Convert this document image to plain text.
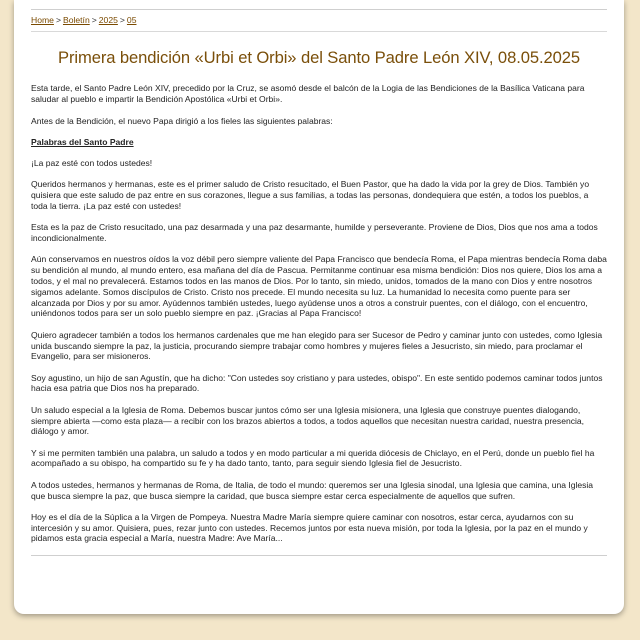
Home > Boletín > 2025 > 05
Primera bendición «Urbi et Orbi» del Santo Padre León XIV, 08.05.2025

Esta tarde, el Santo Padre León XIV, precedido por la Cruz, se asomó desde el balcón de la Logia de las Bendiciones de la Basílica Vaticana para saludar al pueblo e impartir la Bendición Apostólica «Urbi et Orbi».

Antes de la Bendición, el nuevo Papa dirigió a los fieles las siguientes palabras:

Palabras del Santo Padre

¡La paz esté con todos ustedes!

Queridos hermanos y hermanas, este es el primer saludo de Cristo resucitado, el Buen Pastor, que ha dado la vida por la grey de Dios. También yo quisiera que este saludo de paz entre en sus corazones, llegue a sus familias, a todas las personas, dondequiera que estén, a todos los pueblos, a toda la tierra. ¡La paz esté con ustedes!

Esta es la paz de Cristo resucitado, una paz desarmada y una paz desarmante, humilde y perseverante. Proviene de Dios, Dios que nos ama a todos incondicionalmente.

Aún conservamos en nuestros oídos la voz débil pero siempre valiente del Papa Francisco que bendecía Roma, el Papa mientras bendecía Roma daba su bendición al mundo, al mundo entero, esa mañana del día de Pascua. Permitanme continuar esa misma bendición: Dios nos quiere, Dios los ama a todos, y el mal no prevalecerá. Estamos todos en las manos de Dios. Por lo tanto, sin miedo, unidos, tomados de la mano con Dios y entre nosotros sigamos adelante. Somos discípulos de Cristo. Cristo nos precede. El mundo necesita su luz. La humanidad lo necesita como puente para ser alcanzada por Dios y por su amor. Ayúdennos también ustedes, luego ayúdense unos a otros a construir puentes, con el diálogo, con el encuentro, uniéndonos todos para ser un solo pueblo siempre en paz. ¡Gracias al Papa Francisco!

Quiero agradecer también a todos los hermanos cardenales que me han elegido para ser Sucesor de Pedro y caminar junto con ustedes, como Iglesia unida buscando siempre la paz, la justicia, procurando siempre trabajar como hombres y mujeres fieles a Jesucristo, sin miedo, para proclamar el Evangelio, para ser misioneros.

Soy agustino, un hijo de san Agustín, que ha dicho: "Con ustedes soy cristiano y para ustedes, obispo". En este sentido podemos caminar todos juntos hacia esa patria que Dios nos ha preparado.

Un saludo especial a la Iglesia de Roma. Debemos buscar juntos cómo ser una Iglesia misionera, una Iglesia que construye puentes dialogando, siempre abierta —como esta plaza— a recibir con los brazos abiertos a todos, a todos aquellos que necesitan nuestra caridad, nuestra presencia, diálogo y amor.

Y si me permiten también una palabra, un saludo a todos y en modo particular a mi querida diócesis de Chiclayo, en el Perú, donde un pueblo fiel ha acompañado a su obispo, ha compartido su fe y ha dado tanto, tanto, para seguir siendo Iglesia fiel de Jesucristo.

A todos ustedes, hermanos y hermanas de Roma, de Italia, de todo el mundo: queremos ser una Iglesia sinodal, una Iglesia que camina, una Iglesia que busca siempre la paz, que busca siempre la caridad, que busca siempre estar cerca especialmente de aquellos que sufren.

Hoy es el día de la Súplica a la Virgen de Pompeya. Nuestra Madre María siempre quiere caminar con nosotros, estar cerca, ayudarnos con su intercesión y su amor. Quisiera, pues, rezar junto con ustedes. Recemos juntos por esta nueva misión, por toda la Iglesia, por la paz en el mundo y pidamos esta gracia especial a María, nuestra Madre: Ave María...
